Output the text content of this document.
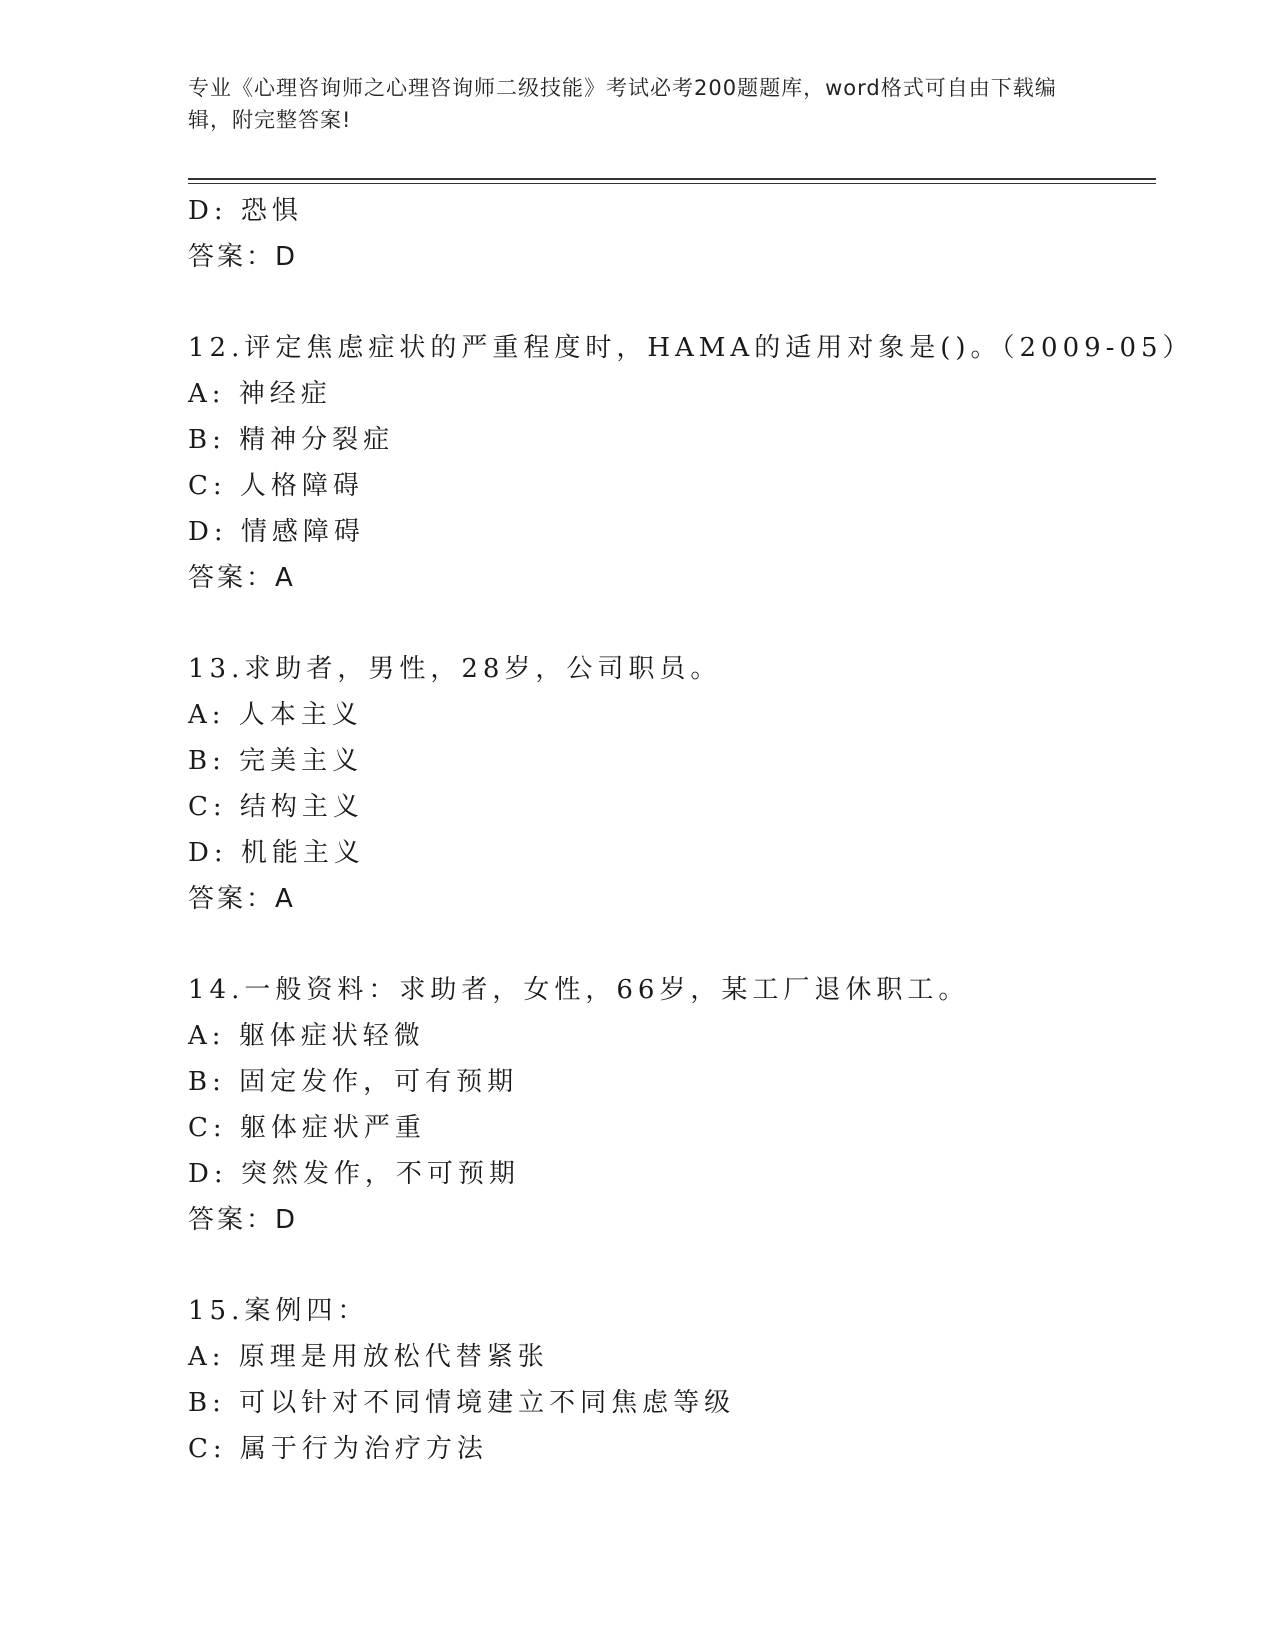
专业《心理咨询师之心理咨询师二级技能》考试必考200题题库，word格式可自由下载编辑，附完整答案!
D: 恐惧
答案：D
12.评定焦虑症状的严重程度时，HAMA的适用对象是()。（2009-05）
A: 神经症
B: 精神分裂症
C: 人格障碍
D: 情感障碍
答案：A
13.求助者，男性，28岁，公司职员。
A: 人本主义
B: 完美主义
C: 结构主义
D: 机能主义
答案：A
14.一般资料：求助者，女性，66岁，某工厂退休职工。
A: 躯体症状轻微
B: 固定发作，可有预期
C: 躯体症状严重
D: 突然发作，不可预期
答案：D
15.案例四：
A: 原理是用放松代替紧张
B: 可以针对不同情境建立不同焦虑等级
C: 属于行为治疗方法
